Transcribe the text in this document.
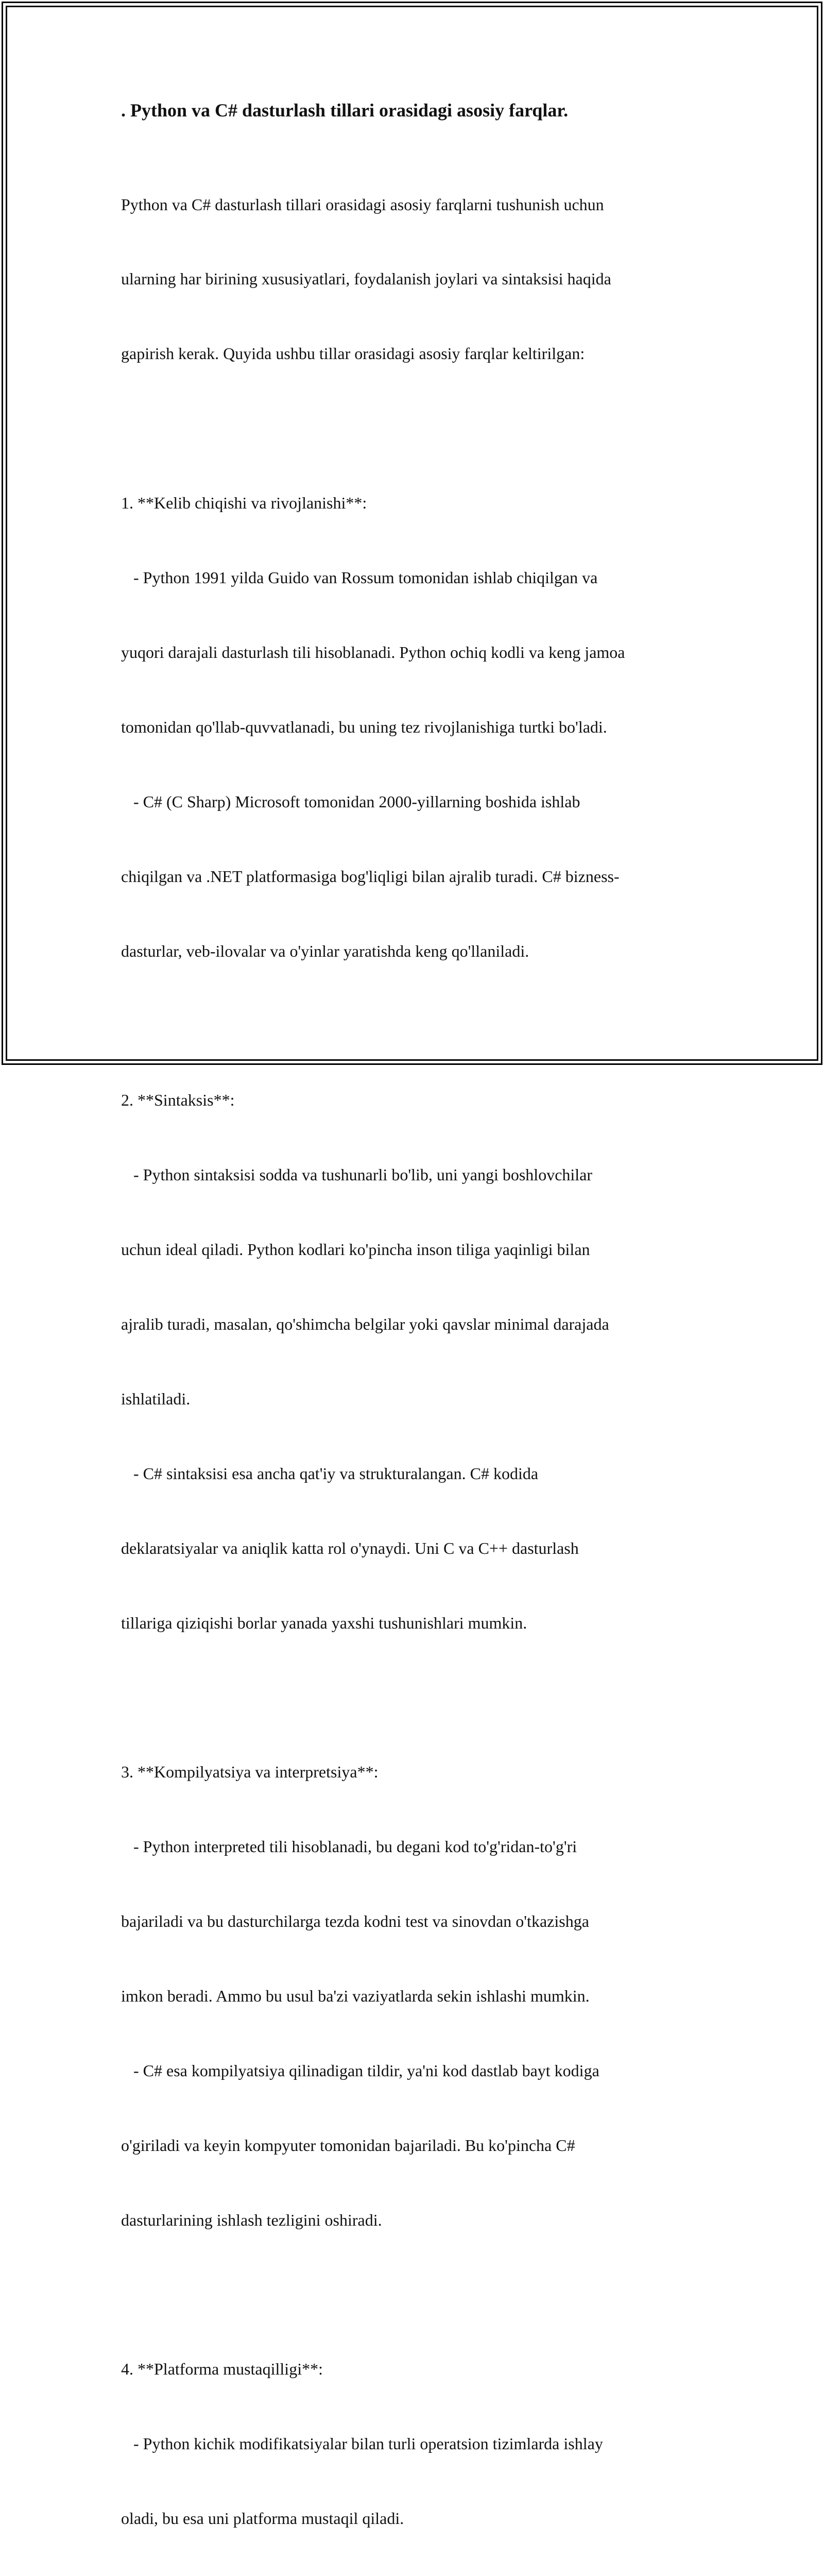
. Python va C# dasturlash tillari orasidagi asosiy farqlar.

Python va C# dasturlash tillari orasidagi asosiy farqlarni tushunish uchun

ularning har birining xususiyatlari, foydalanish joylari va sintaksisi haqida

gapirish kerak. Quyida ushbu tillar orasidagi asosiy farqlar keltirilgan:

1. **Kelib chiqishi va rivojlanishi**:

- Python 1991 yilda Guido van Rossum tomonidan ishlab chiqilgan va

yuqori darajali dasturlash tili hisoblanadi. Python ochiq kodli va keng jamoa

tomonidan qo'llab-quvvatlanadi, bu uning tez rivojlanishiga turtki bo'ladi.

- C# (C Sharp) Microsoft tomonidan 2000-yillarning boshida ishlab

chiqilgan va .NET platformasiga bog'liqligi bilan ajralib turadi. C# bizness-

dasturlar, veb-ilovalar va o'yinlar yaratishda keng qo'llaniladi.

2. **Sintaksis**:

- Python sintaksisi sodda va tushunarli bo'lib, uni yangi boshlovchilar

uchun ideal qiladi. Python kodlari ko'pincha inson tiliga yaqinligi bilan

ajralib turadi, masalan, qo'shimcha belgilar yoki qavslar minimal darajada

ishlatiladi.

- C# sintaksisi esa ancha qat'iy va strukturalangan. C# kodida

deklaratsiyalar va aniqlik katta rol o'ynaydi. Uni C va C++ dasturlash

tillariga qiziqishi borlar yanada yaxshi tushunishlari mumkin.

3. **Kompilyatsiya va interpretsiya**:

- Python interpreted tili hisoblanadi, bu degani kod to'g'ridan-to'g'ri

bajariladi va bu dasturchilarga tezda kodni test va sinovdan o'tkazishga

imkon beradi. Ammo bu usul ba'zi vaziyatlarda sekin ishlashi mumkin.

- C# esa kompilyatsiya qilinadigan tildir, ya'ni kod dastlab bayt kodiga

o'giriladi va keyin kompyuter tomonidan bajariladi. Bu ko'pincha C#

dasturlarining ishlash tezligini oshiradi.

4. **Platforma mustaqilligi**:

- Python kichik modifikatsiyalar bilan turli operatsion tizimlarda ishlay

oladi, bu esa uni platforma mustaqil qiladi.
